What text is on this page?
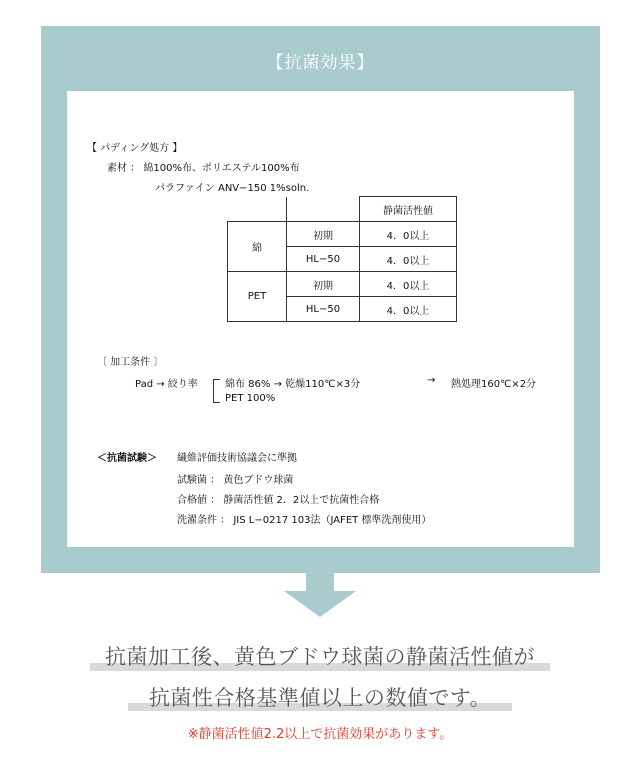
【抗菌効果】
【 パディング処方 】
素材 ： 綿100%布、ポリエステル100%布
パラファイン ANV−150 1%soln.
		静菌活性値
綿	初期	4．0以上
	HL−50	4．0以上
PET	初期	4．0以上
	HL−50	4．0以上
〔 加工条件 〕
Pad → 絞り率	綿布 86% → 乾燥110℃×3分	→ 熱処理160℃×2分
PET 100%
＜抗菌試験＞ 繊維評価技術協議会に準拠
試験菌 ： 黄色ブドウ球菌
合格値 ： 静菌活性値 2．2以上で抗菌性合格
洗濯条件 ： JIS L−0217 103法（JAFET 標準洗剤使用）
抗菌加工後、黄色ブドウ球菌の静菌活性値が
抗菌性合格基準値以上の数値です。
※静菌活性値2.2以上で抗菌効果があります。
